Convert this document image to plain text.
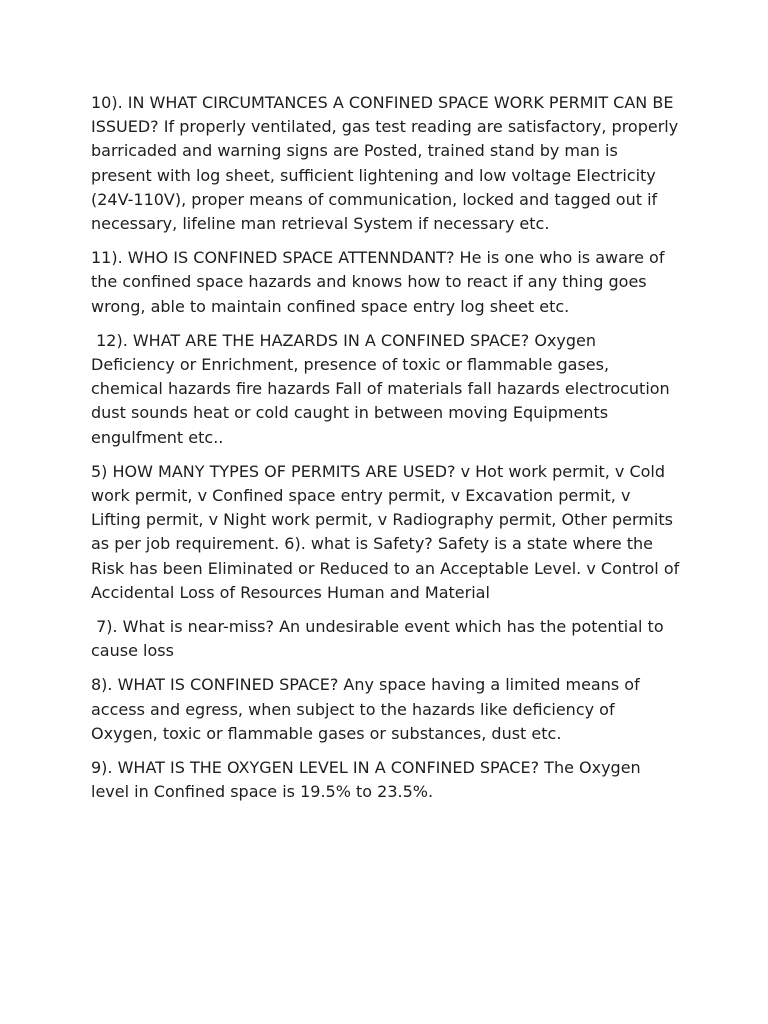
10). IN WHAT CIRCUMTANCES A CONFINED SPACE WORK PERMIT CAN BE ISSUED? If properly ventilated, gas test reading are satisfactory, properly barricaded and warning signs are Posted, trained stand by man is present with log sheet, sufficient lightening and low voltage Electricity (24V-110V), proper means of communication, locked and tagged out if necessary, lifeline man retrieval System if necessary etc.

11). WHO IS CONFINED SPACE ATTENNDANT? He is one who is aware of the confined space hazards and knows how to react if any thing goes wrong, able to maintain confined space entry log sheet etc.

12). WHAT ARE THE HAZARDS IN A CONFINED SPACE? Oxygen Deficiency or Enrichment, presence of toxic or flammable gases, chemical hazards fire hazards Fall of materials fall hazards electrocution dust sounds heat or cold caught in between moving Equipments engulfment etc..

5) HOW MANY TYPES OF PERMITS ARE USED? v Hot work permit, v Cold work permit, v Confined space entry permit, v Excavation permit, v Lifting permit, v Night work permit, v Radiography permit, Other permits as per job requirement. 6). what is Safety? Safety is a state where the Risk has been Eliminated or Reduced to an Acceptable Level. v Control of Accidental Loss of Resources Human and Material

7). What is near-miss? An undesirable event which has the potential to cause loss

8). WHAT IS CONFINED SPACE? Any space having a limited means of access and egress, when subject to the hazards like deficiency of Oxygen, toxic or flammable gases or substances, dust etc.

9). WHAT IS THE OXYGEN LEVEL IN A CONFINED SPACE? The Oxygen level in Confined space is 19.5% to 23.5%.
